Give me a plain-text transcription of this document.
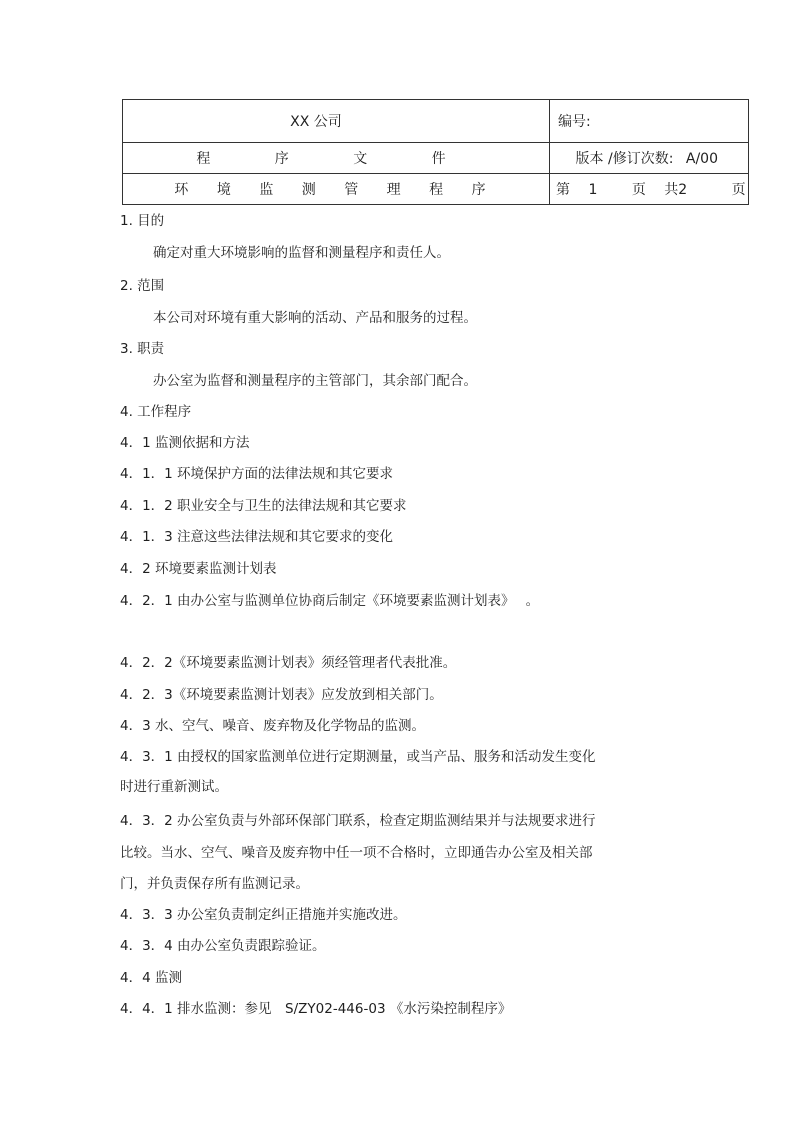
XX 公司	编号:
程 序 文 件	版本 /修订次数: A/00
环 境 监 测 管 理 程 序	第 1 页 共2 页
1. 目的
确定对重大环境影响的监督和测量程序和责任人。
2. 范围
本公司对环境有重大影响的活动、产品和服务的过程。
3. 职责
办公室为监督和测量程序的主管部门，其余部门配合。
4. 工作程序
4．1 监测依据和方法
4．1．1 环境保护方面的法律法规和其它要求
4．1．2 职业安全与卫生的法律法规和其它要求
4．1．3 注意这些法律法规和其它要求的变化
4．2 环境要素监测计划表
4．2．1 由办公室与监测单位协商后制定《环境要素监测计划表》　 。
4．2．2《环境要素监测计划表》须经管理者代表批准。
4．2．3《环境要素监测计划表》应发放到相关部门。
4．3 水、空气、噪音、废弃物及化学物品的监测。
4．3．1 由授权的国家监测单位进行定期测量，或当产品、服务和活动发生变化
时进行重新测试。
4．3．2 办公室负责与外部环保部门联系，检查定期监测结果并与法规要求进行
比较。当水、空气、噪音及废弃物中任一项不合格时，立即通告办公室及相关部
门，并负责保存所有监测记录。
4．3．3 办公室负责制定纠正措施并实施改进。
4．3．4 由办公室负责跟踪验证。
4．4 监测
4．4．1 排水监测：参见　S/ZY02-446-03 《水污染控制程序》
